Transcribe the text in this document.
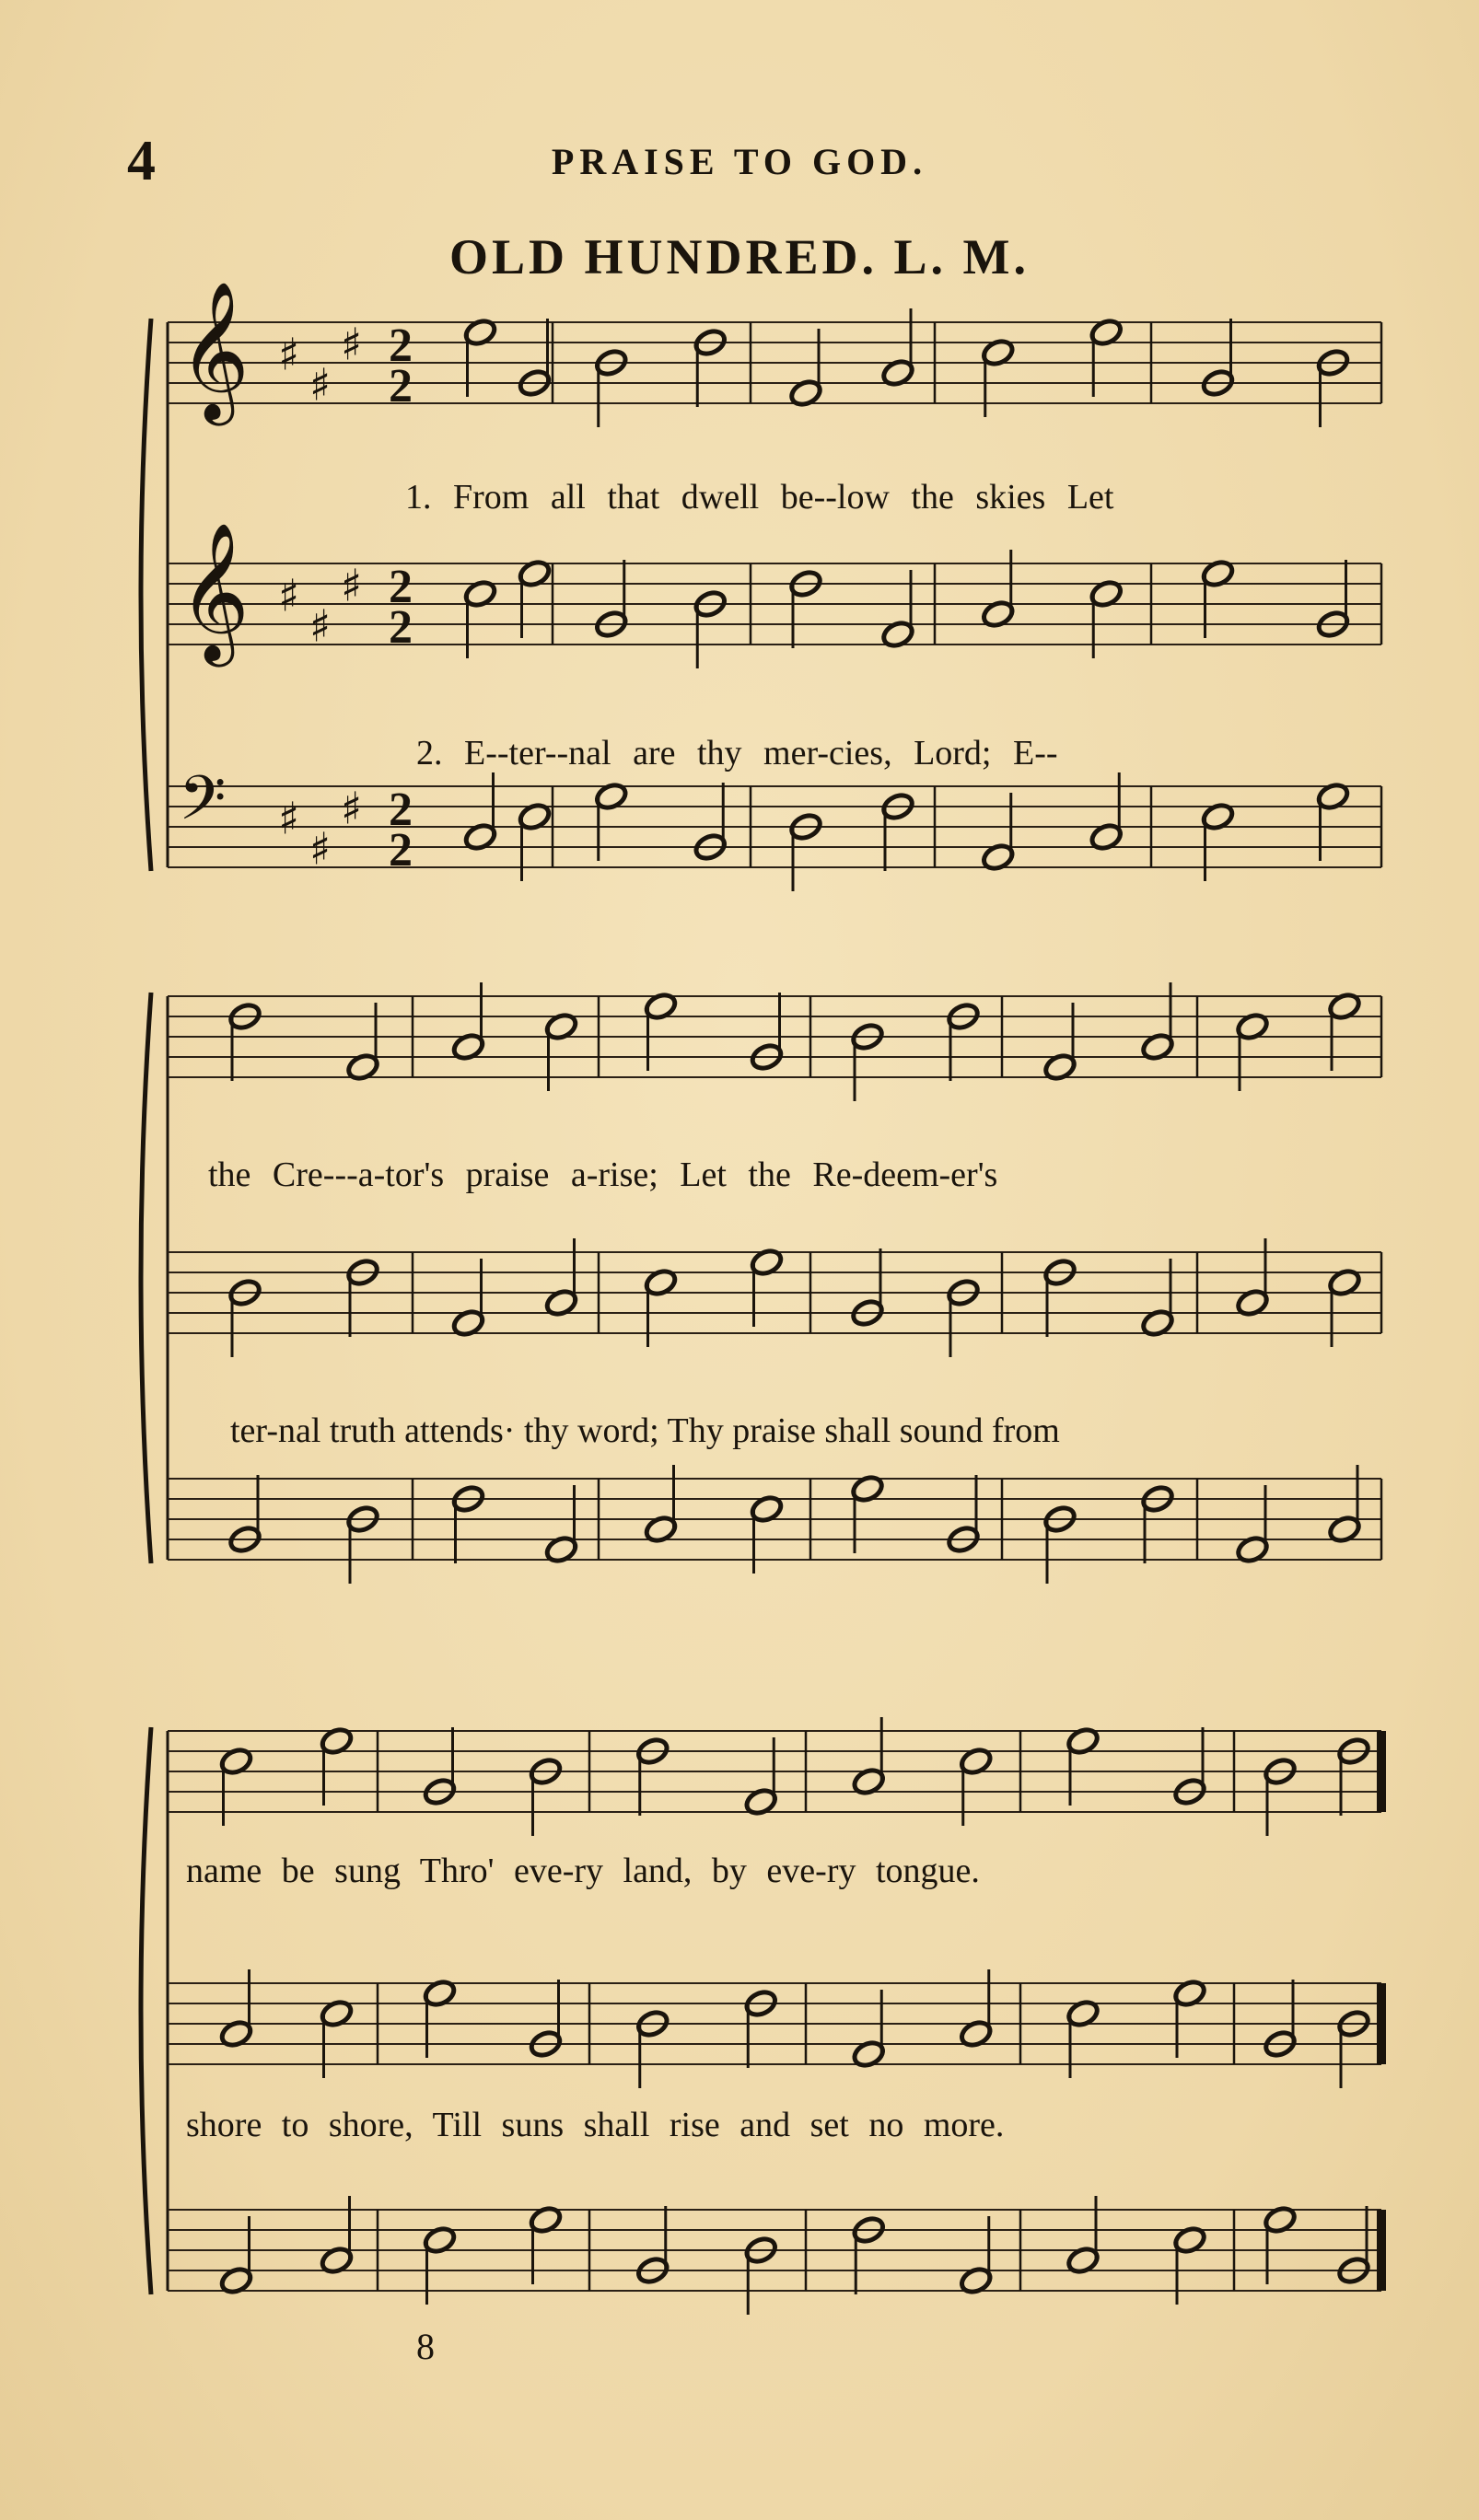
4	PRAISE TO GOD.
OLD HUNDRED. L. M.
𝄞 ♯
♯
♯ 2
2
𝄞 ♯
♯
♯ 2
2
𝄢 ♯
♯
♯ 2
2
1. From all that dwell be--low the skies Let
2. E--ter--nal are thy mer-cies, Lord; E--
the Cre---a-tor's praise a-rise; Let the Re-deem-er's
ter-nal truth attends· thy word; Thy praise shall sound from
name be sung Thro' eve-ry land, by eve-ry tongue.
shore to shore, Till suns shall rise and set no more.
8
